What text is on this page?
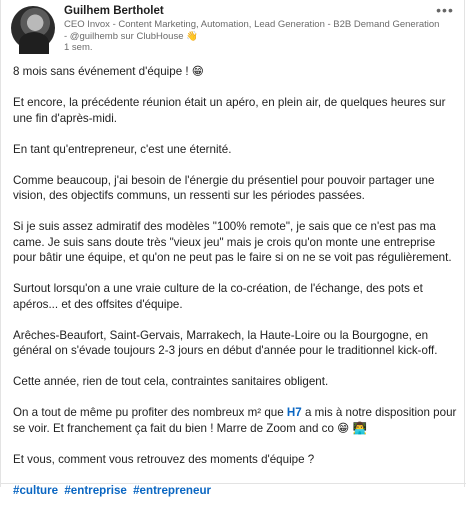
Guilhem Bertholet
CEO Invox - Content Marketing, Automation, Lead Generation - B2B Demand Generation - @guilhemb sur ClubHouse 👋
1 sem.
•••

8 mois sans événement d'équipe ! 😁

Et encore, la précédente réunion était un apéro, en plein air, de quelques heures sur une fin d'après-midi.

En tant qu'entrepreneur, c'est une éternité.

Comme beaucoup, j'ai besoin de l'énergie du présentiel pour pouvoir partager une vision, des objectifs communs, un ressenti sur les périodes passées.

Si je suis assez admiratif des modèles "100% remote", je sais que ce n'est pas ma came. Je suis sans doute très "vieux jeu" mais je crois qu'on monte une entreprise pour bâtir une équipe, et qu'on ne peut pas le faire si on ne se voit pas régulièrement.

Surtout lorsqu'on a une vraie culture de la co-création, de l'échange, des pots et apéros... et des offsites d'équipe.

Arêches-Beaufort, Saint-Gervais, Marrakech, la Haute-Loire ou la Bourgogne, en général on s'évade toujours 2-3 jours en début d'année pour le traditionnel kick-off.

Cette année, rien de tout cela, contraintes sanitaires obligent.

On a tout de même pu profiter des nombreux m² que H7 a mis à notre disposition pour se voir. Et franchement ça fait du bien ! Marre de Zoom and co 😁 👨‍💻

Et vous, comment vous retrouvez des moments d'équipe ?

#culture #entreprise #entrepreneur
